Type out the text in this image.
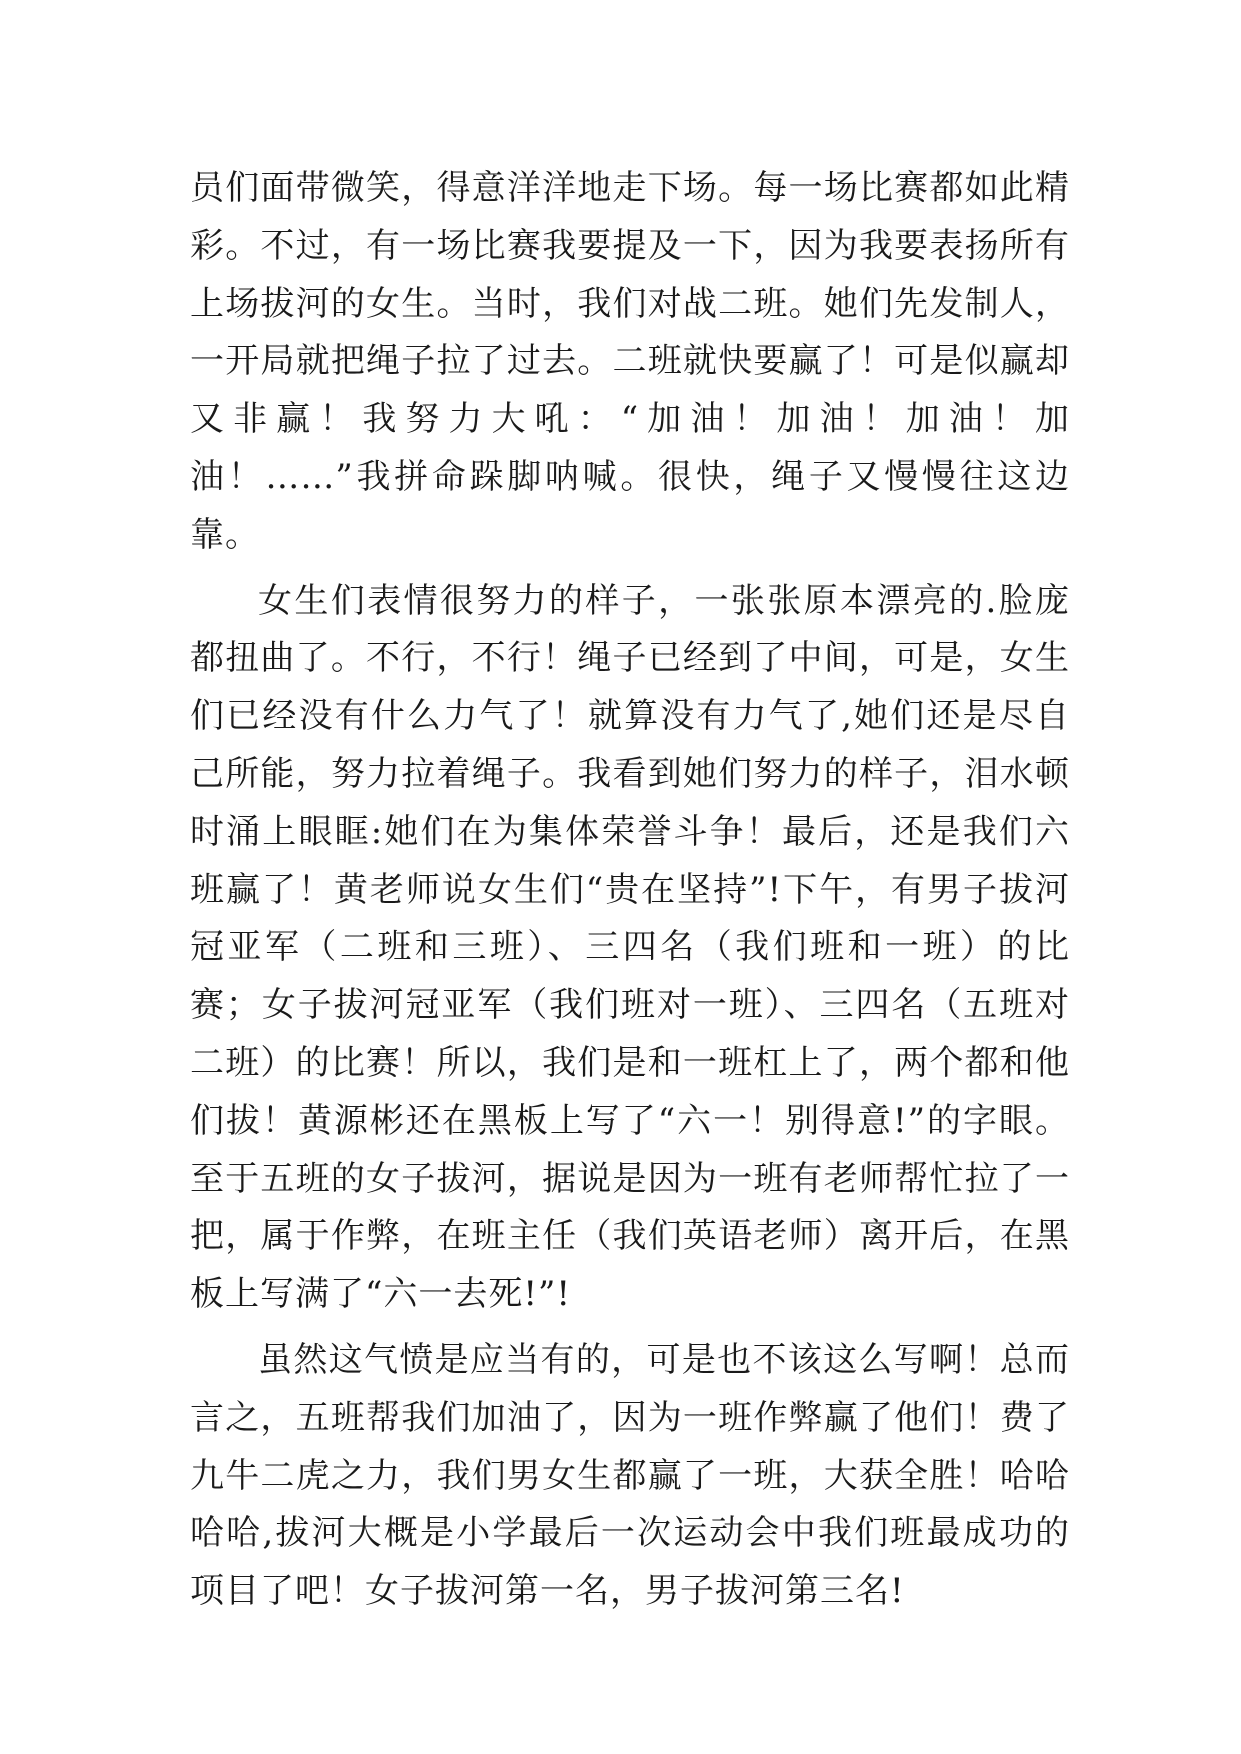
员们面带微笑，得意洋洋地走下场。每一场比赛都如此精彩。不过，有一场比赛我要提及一下，因为我要表扬所有上场拔河的女生。当时，我们对战二班。她们先发制人，一开局就把绳子拉了过去。二班就快要赢了！可是似赢却又非赢！我努力大吼：“加油！加油！加油！加油！……”我拼命跺脚呐喊。很快，绳子又慢慢往这边靠。

女生们表情很努力的样子，一张张原本漂亮的.脸庞都扭曲了。不行，不行！绳子已经到了中间，可是，女生们已经没有什么力气了！就算没有力气了,她们还是尽自己所能，努力拉着绳子。我看到她们努力的样子，泪水顿时涌上眼眶:她们在为集体荣誉斗争！最后，还是我们六班赢了！黄老师说女生们“贵在坚持”!下午，有男子拔河冠亚军（二班和三班）、三四名（我们班和一班）的比赛；女子拔河冠亚军（我们班对一班）、三四名（五班对二班）的比赛！所以，我们是和一班杠上了，两个都和他们拔！黄源彬还在黑板上写了“六一！别得意!”的字眼。至于五班的女子拔河，据说是因为一班有老师帮忙拉了一把，属于作弊，在班主任（我们英语老师）离开后，在黑板上写满了“六一去死!”!

虽然这气愤是应当有的，可是也不该这么写啊！总而言之，五班帮我们加油了，因为一班作弊赢了他们！费了九牛二虎之力，我们男女生都赢了一班，大获全胜！哈哈哈哈,拔河大概是小学最后一次运动会中我们班最成功的项目了吧！女子拔河第一名，男子拔河第三名!
